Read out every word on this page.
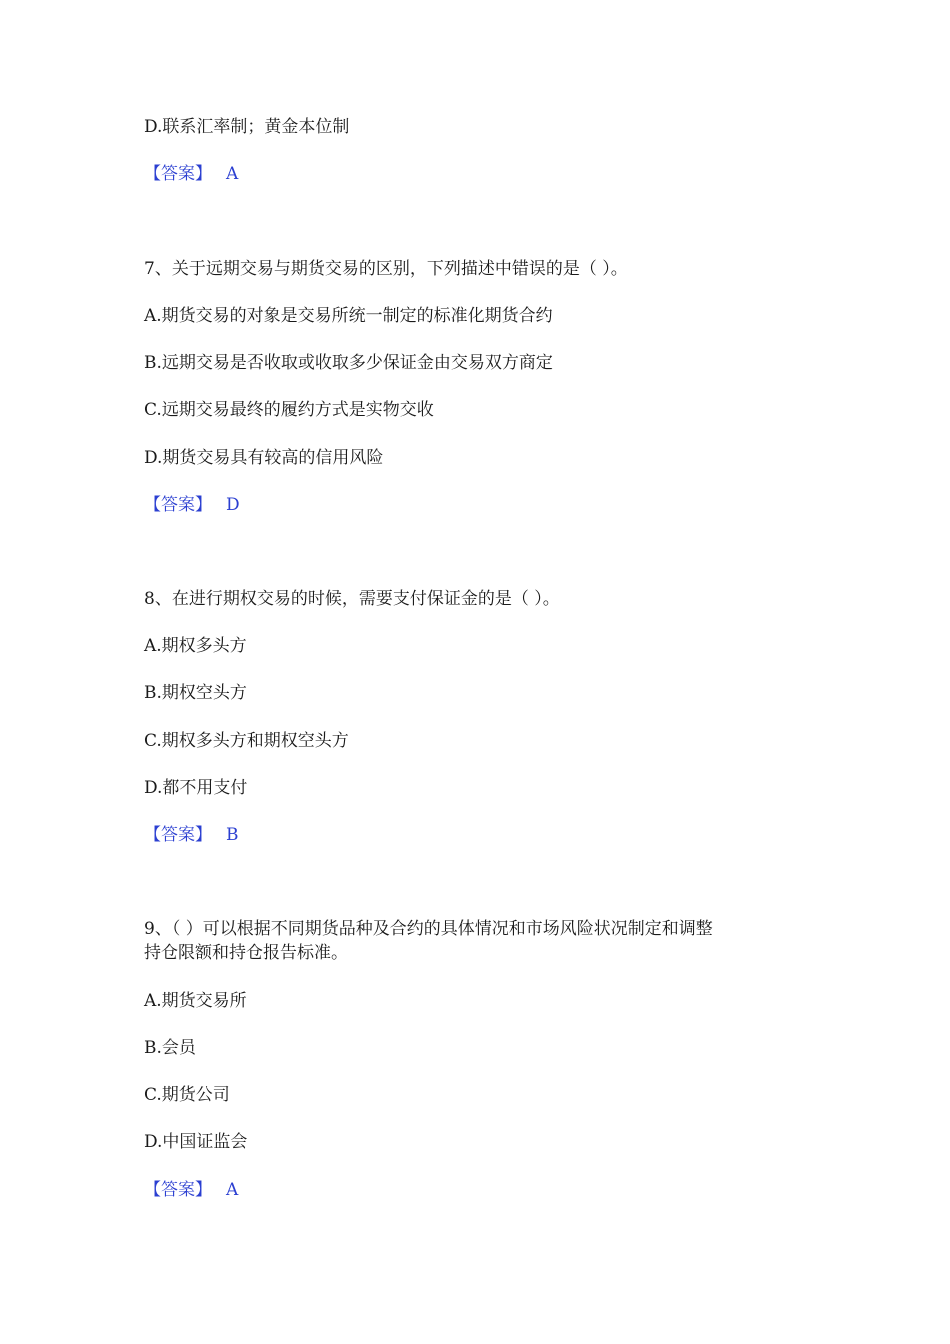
D.联系汇率制；黄金本位制
【答案】 A
7、关于远期交易与期货交易的区别，下列描述中错误的是（ ）。
A.期货交易的对象是交易所统一制定的标准化期货合约
B.远期交易是否收取或收取多少保证金由交易双方商定
C.远期交易最终的履约方式是实物交收
D.期货交易具有较高的信用风险
【答案】 D
8、在进行期权交易的时候，需要支付保证金的是（ ）。
A.期权多头方
B.期权空头方
C.期权多头方和期权空头方
D.都不用支付
【答案】 B
9、（ ）可以根据不同期货品种及合约的具体情况和市场风险状况制定和调整
持仓限额和持仓报告标准。
A.期货交易所
B.会员
C.期货公司
D.中国证监会
【答案】 A
